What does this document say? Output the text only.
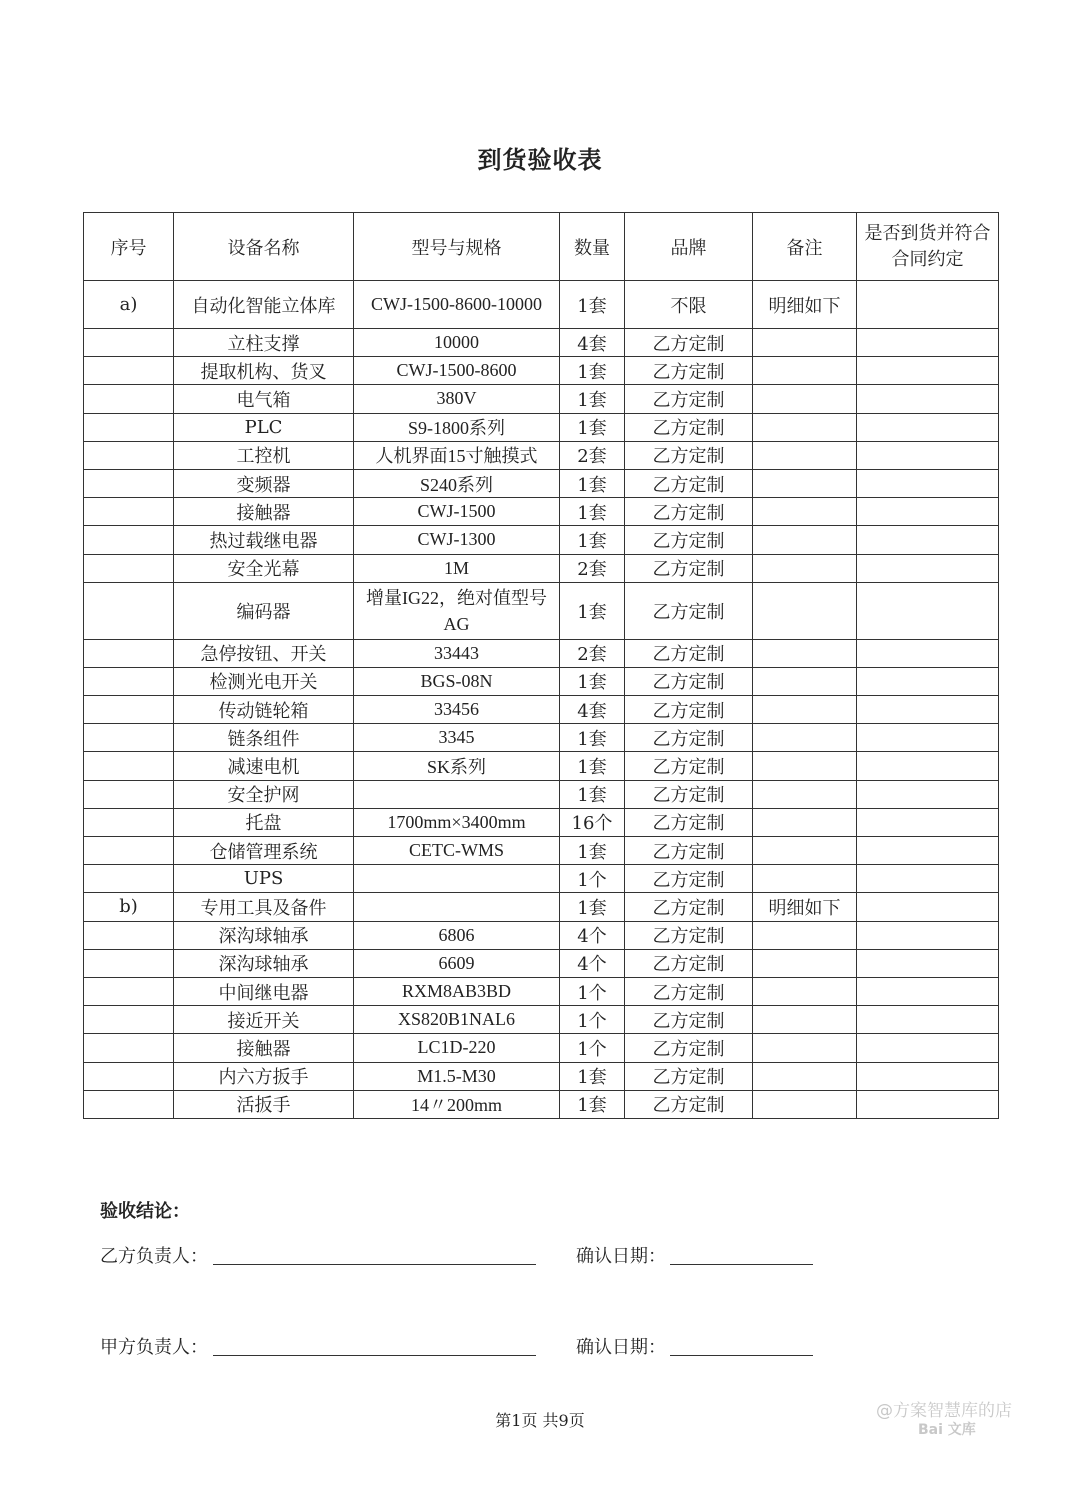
到货验收表
序号	设备名称	型号与规格	数量	品牌	备注	是否到货并符合合同约定
a)	自动化智能立体库	CWJ-1500-8600-10000	1套	不限	明细如下	
	立柱支撑	10000	4套	乙方定制		
	提取机构、货叉	CWJ-1500-8600	1套	乙方定制		
	电气箱	380V	1套	乙方定制		
	PLC	S9-1800系列	1套	乙方定制		
	工控机	人机界面15寸触摸式	2套	乙方定制		
	变频器	S240系列	1套	乙方定制		
	接触器	CWJ-1500	1套	乙方定制		
	热过载继电器	CWJ-1300	1套	乙方定制		
	安全光幕	1M	2套	乙方定制		
	编码器	增量IG22，绝对值型号AG	1套	乙方定制		
	急停按钮、开关	33443	2套	乙方定制		
	检测光电开关	BGS-08N	1套	乙方定制		
	传动链轮箱	33456	4套	乙方定制		
	链条组件	3345	1套	乙方定制		
	减速电机	SK系列	1套	乙方定制		
	安全护网		1套	乙方定制		
	托盘	1700mm×3400mm	16个	乙方定制		
	仓储管理系统	CETC-WMS	1套	乙方定制		
	UPS		1个	乙方定制		
b)	专用工具及备件		1套	乙方定制	明细如下	
	深沟球轴承	6806	4个	乙方定制		
	深沟球轴承	6609	4个	乙方定制		
	中间继电器	RXM8AB3BD	1个	乙方定制		
	接近开关	XS820B1NAL6	1个	乙方定制		
	接触器	LC1D-220	1个	乙方定制		
	内六方扳手	M1.5-M30	1套	乙方定制		
	活扳手	14〃200mm	1套	乙方定制		
验收结论：
乙方负责人：	确认日期：
甲方负责人：	确认日期：
第1页 共9页	@方案智慧库的店
Bai 文库
